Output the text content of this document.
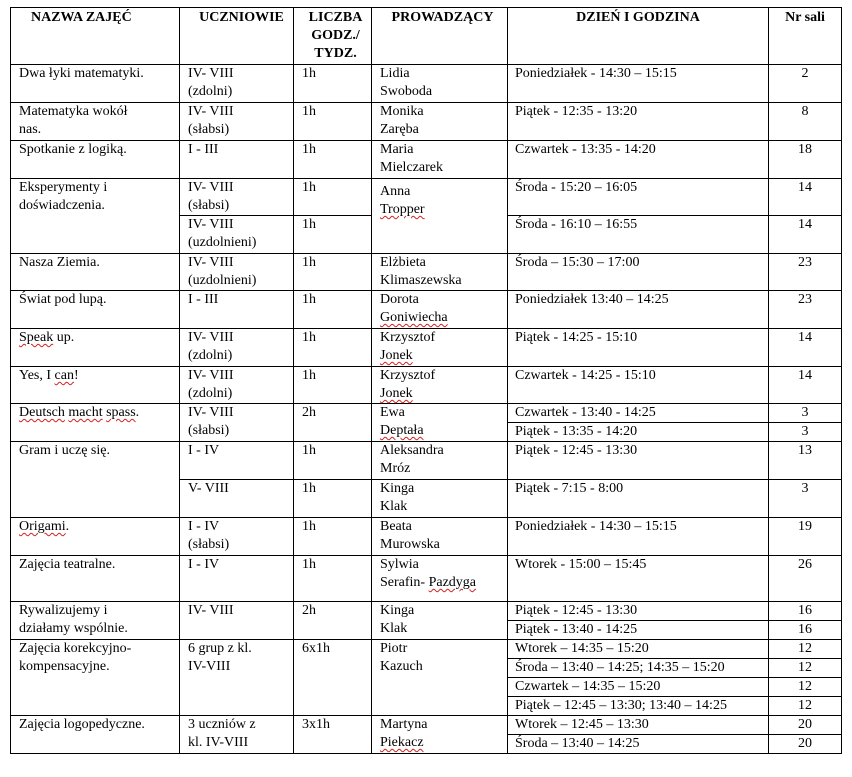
NAZWA ZAJĘĆ	UCZNIOWIE	LICZBA
GODZ./
TYDZ.	PROWADZĄCY	DZIEŃ I GODZINA	Nr sali

Dwa łyki matematyki.	IV- VIII
(zdolni)	1h	Lidia
Swoboda	Poniedziałek - 14:30 – 15:15	2

Matematyka wokół
nas.	IV- VIII
(słabsi)	1h	Monika
Zaręba	Piątek - 12:35 - 13:20	8

Spotkanie z logiką.	I - III	1h	Maria
Mielczarek	Czwartek - 13:35 - 14:20	18

Eksperymenty i
doświadczenia.	IV- VIII
(słabsi)	1h	Anna
Tropper	Środa - 15:20 – 16:05	14

	IV- VIII
(uzdolnieni)	1h		Środa - 16:10 – 16:55	14

Nasza Ziemia.	IV- VIII
(uzdolnieni)	1h	Elżbieta
Klimaszewska	Środa – 15:30 – 17:00	23

Świat pod lupą.	I - III	1h	Dorota
Goniwiecha	Poniedziałek 13:40 – 14:25	23

Speak up.	IV- VIII
(zdolni)	1h	Krzysztof
Jonek	Piątek - 14:25 - 15:10	14

Yes, I can!	IV- VIII
(zdolni)	1h	Krzysztof
Jonek	Czwartek - 14:25 - 15:10	14

Deutsch macht spass.	IV- VIII
(słabsi)	2h	Ewa
Deptała	Czwartek - 13:40 - 14:25	3

				Piątek - 13:35 - 14:20	3

Gram i uczę się.	I - IV	1h	Aleksandra
Mróz	Piątek - 12:45 - 13:30	13

	V- VIII	1h	Kinga
Klak	Piątek - 7:15 - 8:00	3

Origami.	I - IV
(słabsi)	1h	Beata
Murowska	Poniedziałek - 14:30 – 15:15	19

Zajęcia teatralne.	I - IV	1h	Sylwia
Serafin- Pazdyga	Wtorek - 15:00 – 15:45	26

Rywalizujemy i
działamy wspólnie.	IV- VIII	2h	Kinga
Klak	Piątek - 12:45 - 13:30	16

				Piątek - 13:40 - 14:25	16

Zajęcia korekcyjno-
kompensacyjne.	6 grup z kl.
IV-VIII	6x1h	Piotr
Kazuch	Wtorek – 14:35 – 15:20	12

				Środa – 13:40 – 14:25; 14:35 – 15:20	12

				Czwartek – 14:35 – 15:20	12

				Piątek – 12:45 – 13:30; 13:40 – 14:25	12

Zajęcia logopedyczne.	3 uczniów z
kl. IV-VIII	3x1h	Martyna
Piekacz	Wtorek – 12:45 – 13:30	20

				Środa – 13:40 – 14:25	20
